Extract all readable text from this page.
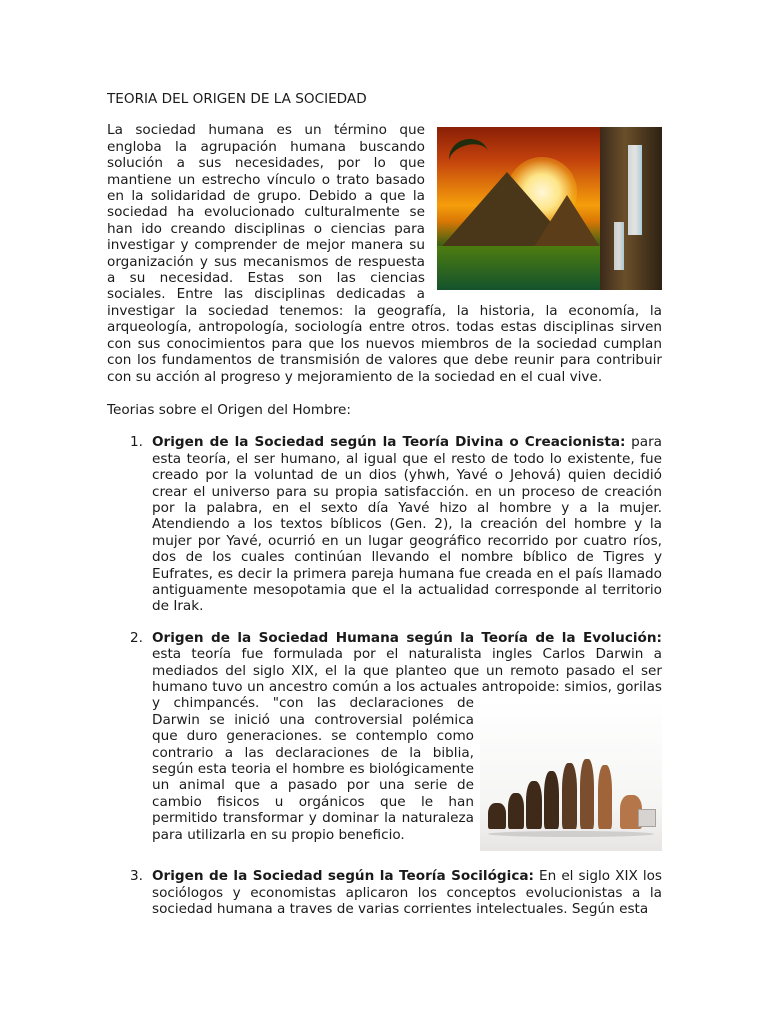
TEORIA DEL ORIGEN DE LA SOCIEDAD

La sociedad humana es un término que engloba la agrupación humana buscando solución a sus necesidades, por lo que mantiene un estrecho vínculo o trato basado en la solidaridad de grupo. Debido a que la sociedad ha evolucionado culturalmente se han ido creando disciplinas o ciencias para investigar y comprender de mejor manera su organización y sus mecanismos de respuesta a su necesidad. Estas son las ciencias sociales. Entre las disciplinas dedicadas a investigar la sociedad tenemos: la geografía, la historia, la economía, la arqueología, antropología, sociología entre otros. todas estas disciplinas sirven con sus conocimientos para que los nuevos miembros de la sociedad cumplan con los fundamentos de transmisión de valores que debe reunir para contribuir con su acción al progreso y mejoramiento de la sociedad en el cual vive.

Teorias sobre el Origen del Hombre:
1. Origen de la Sociedad según la Teoría Divina o Creacionista: para esta teoría, el ser humano, al igual que el resto de todo lo existente, fue creado por la voluntad de un dios (yhwh, Yavé o Jehová) quien decidió crear el universo para su propia satisfacción. en un proceso de creación por la palabra, en el sexto día Yavé hizo al hombre y a la mujer. Atendiendo a los textos bíblicos (Gen. 2), la creación del hombre y la mujer por Yavé, ocurrió en un lugar geográfico recorrido por cuatro ríos, dos de los cuales continúan llevando el nombre bíblico de Tigres y Eufrates, es decir la primera pareja humana fue creada en el país llamado antiguamente mesopotamia que el la actualidad corresponde al territorio de Irak.
2. Origen de la Sociedad Humana según la Teoría de la Evolución: esta teoría fue formulada por el naturalista ingles Carlos Darwin a mediados del siglo XIX, el la que planteo que un remoto pasado el ser humano tuvo un ancestro común a los actuales antropoide: simios, gorilas y chimpancés. "con las declaraciones de Darwin se inició una controversial polémica que duro generaciones. se contemplo como contrario a las declaraciones de la biblia, según esta teoria el hombre es biológicamente un animal que a pasado por una serie de cambio fisicos u orgánicos que le han permitido transformar y dominar la naturaleza para utilizarla en su propio beneficio.
3. Origen de la Sociedad según la Teoría Socilógica: En el siglo XIX los sociólogos y economistas aplicaron los conceptos evolucionistas a la sociedad humana a traves de varias corrientes intelectuales. Según esta
